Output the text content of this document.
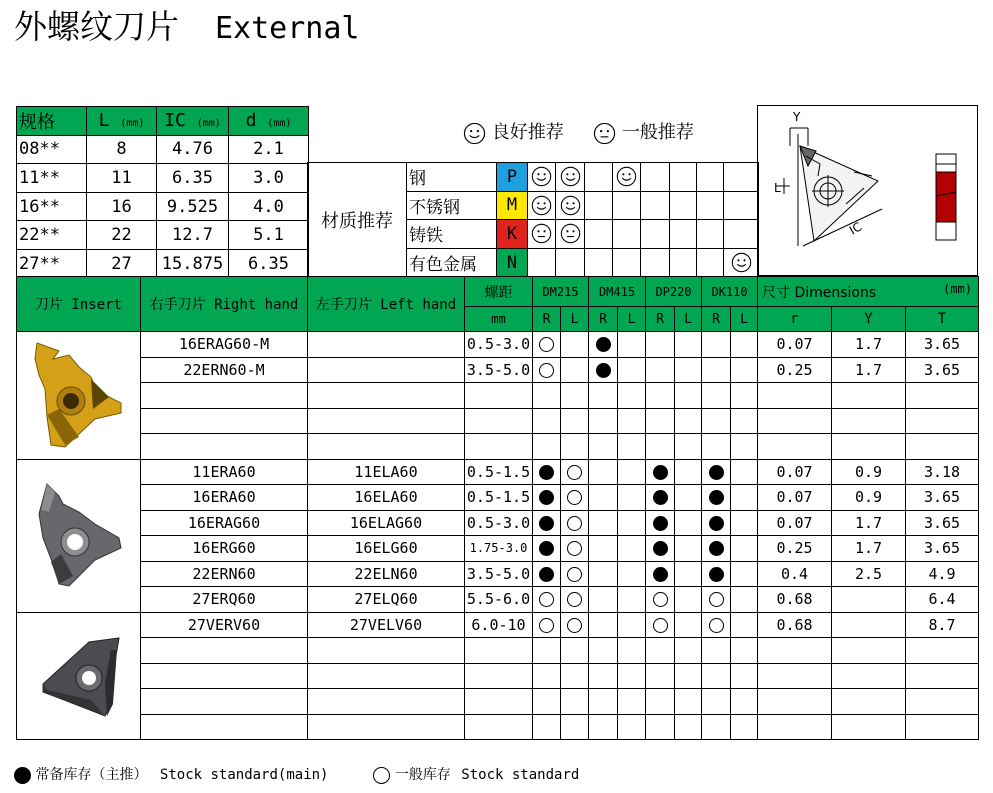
外螺纹刀片 External
规格	L (mm)	IC (mm)	d (mm)
08**	8	4.76	2.1
11**	11	6.35	3.0
16**	16	9.525	4.0
22**	22	12.7	5.1
27**	27	15.875	6.35
良好推荐	一般推荐
材质推荐	钢	P								
	不锈钢	M								
	铸铁	K								
	有色金属	N								
Y
L
IC
刀片 Insert	右手刀片 Right hand	左手刀片 Left hand	螺距	DM215		DM415		DP220		DK110		尺寸 Dimensions (mm)		

			mm	R	L	R	L	R	L	R	L	r	Y	T
	16ERAG60-M		0.5-3.0									0.07	1.7	3.65
	22ERN60-M		3.5-5.0									0.25	1.7	3.65

	11ERA60	11ELA60	0.5-1.5									0.07	0.9	3.18
	16ERA60	16ELA60	0.5-1.5									0.07	0.9	3.65
	16ERAG60	16ELAG60	0.5-3.0									0.07	1.7	3.65
	16ERG60	16ELG60	1.75-3.0									0.25	1.7	3.65
	22ERN60	22ELN60	3.5-5.0									0.4	2.5	4.9
	27ERQ60	27ELQ60	5.5-6.0									0.68		6.4
	27VERV60	27VELV60	6.0-10									0.68		8.7

常备库存（主推） Stock standard(main)	一般库存 Stock standard
